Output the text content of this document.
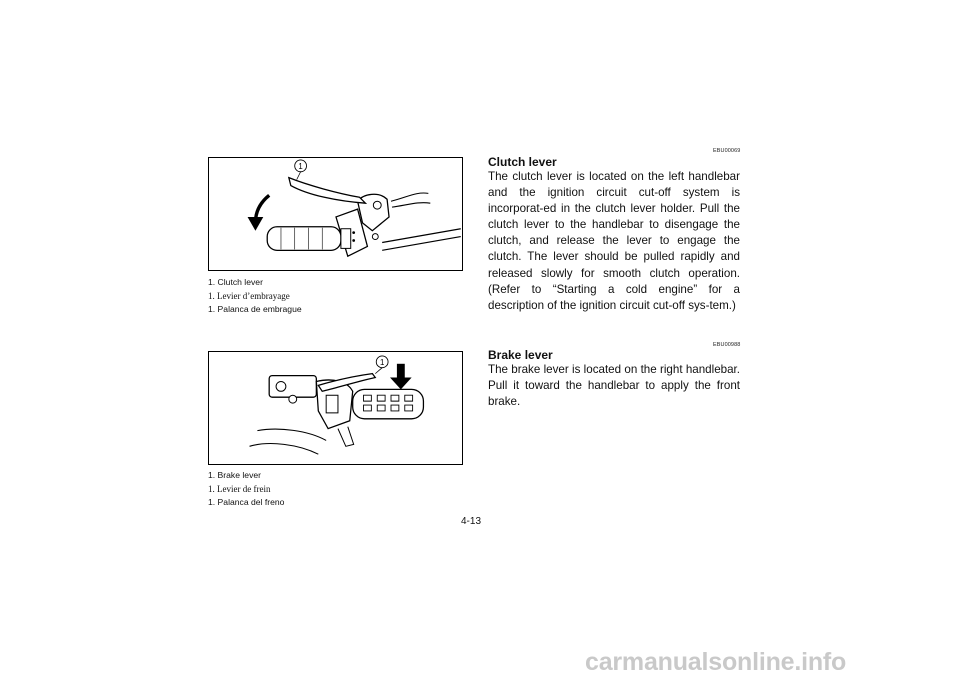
1
1. Clutch lever
1. Levier d’embrayage
1. Palanca de embrague
1
1. Brake lever
1. Levier de frein
1. Palanca del freno
EBU00069
Clutch lever

The clutch lever is located on the left handlebar and the ignition circuit cut-off system is incorporat-ed in the clutch lever holder. Pull the clutch lever to the handlebar to disengage the clutch, and release the lever to engage the clutch. The lever should be pulled rapidly and released slowly for smooth clutch operation. (Refer to “Starting a cold engine” for a description of the ignition circuit cut-off sys-tem.)

EBU00988
Brake lever

The brake lever is located on the right handlebar. Pull it toward the handlebar to apply the front brake.

4-13
carmanualsonline.info
